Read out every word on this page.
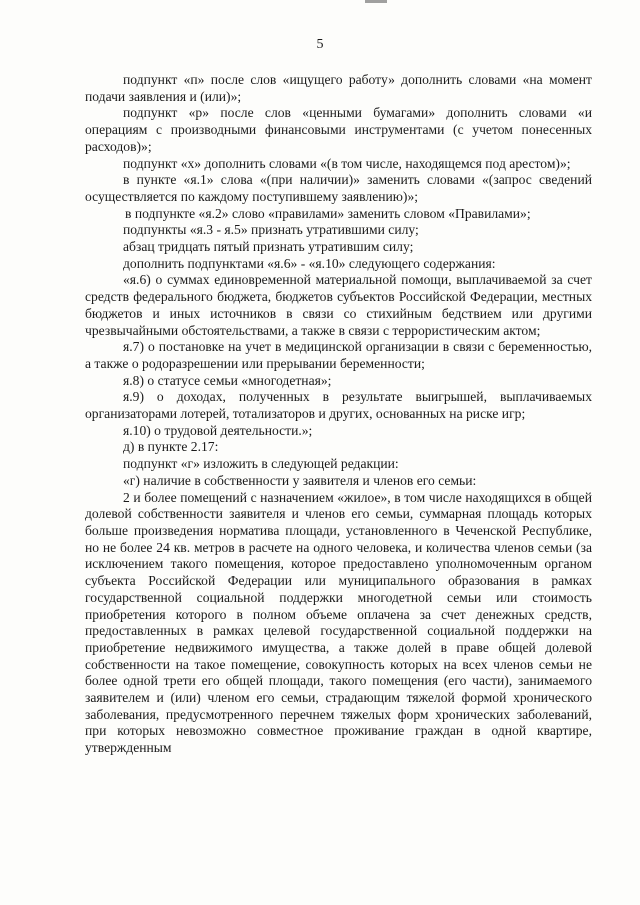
5

подпункт «п» после слов «ищущего работу» дополнить словами «на момент подачи заявления и (или)»;

подпункт «р» после слов «ценными бумагами» дополнить словами «и операциям с производными финансовыми инструментами (с учетом понесенных расходов)»;

подпункт «х» дополнить словами «(в том числе, находящемся под арестом)»;

в пункте «я.1» слова «(при наличии)» заменить словами «(запрос сведений осуществляется по каждому поступившему заявлению)»;

в подпункте «я.2» слово «правилами» заменить словом «Правилами»;

подпункты «я.3 - я.5» признать утратившими силу;

абзац тридцать пятый признать утратившим силу;

дополнить подпунктами «я.6» - «я.10» следующего содержания:

«я.6) о суммах единовременной материальной помощи, выплачиваемой за счет средств федерального бюджета, бюджетов субъектов Российской Федерации, местных бюджетов и иных источников в связи со стихийным бедствием или другими чрезвычайными обстоятельствами, а также в связи с террористическим актом;

я.7) о постановке на учет в медицинской организации в связи с беременностью, а также о родоразрешении или прерывании беременности;

я.8) о статусе семьи «многодетная»;

я.9) о доходах, полученных в результате выигрышей, выплачиваемых организаторами лотерей, тотализаторов и других, основанных на риске игр;

я.10) о трудовой деятельности.»;

д) в пункте 2.17:

подпункт «г» изложить в следующей редакции:

«г) наличие в собственности у заявителя и членов его семьи:

2 и более помещений с назначением «жилое», в том числе находящихся в общей долевой собственности заявителя и членов его семьи, суммарная площадь которых больше произведения норматива площади, установленного в Чеченской Республике, но не более 24 кв. метров в расчете на одного человека, и количества членов семьи (за исключением такого помещения, которое предоставлено уполномоченным органом субъекта Российской Федерации или муниципального образования в рамках государственной социальной поддержки многодетной семьи или стоимость приобретения которого в полном объеме оплачена за счет денежных средств, предоставленных в рамках целевой государственной социальной поддержки на приобретение недвижимого имущества, а также долей в праве общей долевой собственности на такое помещение, совокупность которых на всех членов семьи не более одной трети его общей площади, такого помещения (его части), занимаемого заявителем и (или) членом его семьи, страдающим тяжелой формой хронического заболевания, предусмотренного перечнем тяжелых форм хронических заболеваний, при которых невозможно совместное проживание граждан в одной квартире, утвержденным
